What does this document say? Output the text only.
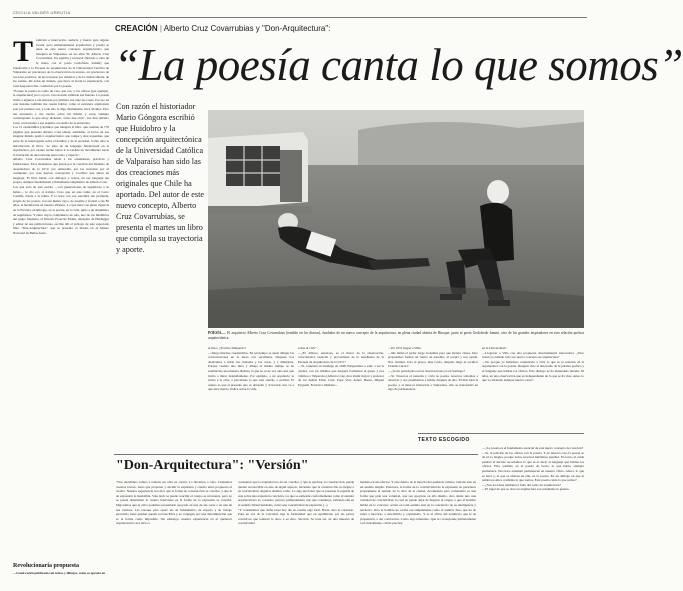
CECILIA VALDÉS URRUTIA
CREACIÓN | Alberto Cruz Covarrubias y "Don-Arquitectura":
“La poesía canta lo que somos”
T radición e innovación, audacia y fuerza para alguno locura, pero eminentemente arquitectura y poesía se unen en este nuevo concepto arquitectónico que inaugura en Valparaíso, en los años 50, Alberto Cruz Covarrubias. Un espíritu y un hacer (llevado a cabo de la mano con el poeta Godofredo Iommi) que transformó a la Escuela de Arquitectura de la Universidad Católica de Valparaíso en precursora de la observación en terreno, en precursora de los actos poéticos, de las travesías por América y de la ciudad abierta, de las rondas. De todas un mundo, que lleva al borde la experiencia, con total desprotección, conducido por la poesía.
"Porque la poesía es como un vaso que cae, y los oficios (por ejemplo, la arquitectura) poco a poco van sacando salidarte sus fuerzas. La poesía invita a algunos a encontrarse por primera vez ante las cosas. Por eso en este instante también me cuesta hablar, como si estuviera explicando esto por primera vez, y todo ello lo digo diariamente, hace 50 años. Pero me encuentro y me vuelvo sobre mí mismo y estoy siempre construyendo lo que estoy diciendo, como una obra", nos dice Alberto Cruz, conversante a ese espíritu, en asedio de la entrevista.
Los 15 cuadernillos (capítulos que integran el libro, que cuentan de 770 páginas que presenta Alberto Cruz situan, asimismo, al lector en ese singular mundo poético arquitectónico que rompe y abre esquemas, que parte de la interrogante sobre el hombre y de la novedad. Como dice la introducción al libro: "se trata de un lenguaje fundacional en la arquitectura, por cuanto recién busca ir lo estable un movimiento hacia la invención de una relación entre texto y espacio".
Alberto Cruz Covarrubias relata a los enseñanzas, prácticas y fundaciones. Esos momentos que pasan por la creación del Instituto de Arquitectura de la UCV, por Amereida, por las travesías por el continente, por esas nuevas concepción y vocablos que abren un lenguaje. El libro habla, con diálogos y textos, en ese lenguaje tan propio, siempre fundamental y firmemente enigmático de Alberto Cruz.
Los que todo en este escrito —con generaciones de seguidores a su haber— le dio eco al trabajo. Creo que en este taller, en el Cerro Castillo, frente a la bahía. Y lo hace con esa sencillez tan profunda, propia de los poetas, con ese humor suyo, de enorme y frontal a sus 85 años, la modelación de nuestro alfabeto. Lo que tiene con plena vigencia en la Escuela, en Ritoque, en la poesía, en la vida, junto a un sinnúmero de seguidores. Y entre cuyos compañeros de ruta, uno de los miembros del grupo fundador, el filósofo Francois Fédier, discípulo de Heidegger y editor de sus publicaciones, escribe allí el prólogo de este espectado libro "Don-Arquitectura", que se presentó el martes en el Museo Nacional de Bellas Artes.
Revolucionaria propuesta
—Usted recién publicado con textos y dibujos, como se aprecia en
Con razón el historiador Mario Góngora escribió que Huidobro y la concepción arquitectónica de la Universidad Católica de Valparaíso han sido las dos creaciones más originales que Chile ha aportado. Del autor de este nuevo concepto, Alberto Cruz Covarrubias, se presenta el martes un libro que compila su trayectoria y aporte.
POESÍA.— El arquitecto Alberto Cruz Covarrubias (tendido en los diarios), fundador de un nuevo concepto de la arquitectura, en plena ciudad abierta de Ritoque, junto al poeta Godofredo Iommi, otro de los grandes inspiradores en esta relación poética arquitectónica.
el libro. ¿Escribe dibujando?
—Tengo muchos cuadernillos. En un tiempo se suele dibujar las conversaciones en la mesa con servilletas. Después nos dedicamos a mirar las ciudades y las casas, y a dibujarlas. Porque cuando uno mira y dibuja al mismo tiempo se ha establecido una manera distinta, la que no es de ver, sino una que invita a mirar detenidamente. Por ejemplo, a un arquitecto le invita a la obra, a percebirse lo que está viendo, a escribir. El asunto es que al presente uno es devuelto y al hacerlo uno ve a que está viendo. Indica sobre la vida,
sobre el vivir".
—¿El diluvio, entonces, es el motor de la observación, característica esencial y proveniente de la enseñanza de la Escuela de Arquitectura de la UCV?
—Sí, comenzó en Santiago en 1948. Empezamos a salir, a ver la ciudad, con los mismos que después formamos el grupo y nos vinimos a Valparaíso (Alberto Cruz, dice aludir mayor y profesor de los demás Fabio Cruz, Pepe Vial, Arturo Baeza, Miguel Eyquem, Francisco Méndez...
—En 1951 llegan a Viña.
—Me llamó el padre Jorge González para que hiciera clases. Pero propusimos formar un centro de estudios, el aceptó y nos ayudó. Nos vinimos todo el grupo, más Godo, después llegó el escultor Claudio Girola".
—¿Godo participaba en las observaciones ya en Santiago?
—Sí. Nosotros el pensaba y vivía su poesía, nosotros solíamos a observar y nos juntábamos a hablar después de ello. El más bien la poesía, y al tiene la invitación a Valparaíso, ello se transformó en algo de permanencia
en la Universidad".
—Llegaron a Viña con una propuesta absolutamente innovadora. ¿Pero traían ya armado todo ese nuevo concepto de arquitectura?
—No porque ya habíamos comenzado a vivir lo que es la relación de la arquitectura con la poesía. Después vino el desarrollo de la palabra poética y el lenguaje que hablan los oficios. Este diálogo se ha mantenido durante 50 años, en una observación que es independiente de lo que se ha visto antes, lo que va abriendo siempre nuevos casos".
TEXTO ESCOGIDO
—¿La poesía es el fundamento esencial de este nuevo concepto de creación?
—Sí, la relación de los oficios con la poesía. Y en nuestro caso la poesía se da en la lengua, porque todos nosotros hablamos español. En torno al caída palabra al decirse recordamos lo que es el decir, el lenguaje que hablan los oficios. Ello, además, en la poesía de Godo, lo que habla, siempre permanece. Nos hace entender permanecen en nuestro oficio. Ahora, lo que se hace y, el que se aferran en ella, en la poesía. En un diálogo en que la palabra poética confirma lo que somos. Esta poesía canta lo que somos".
—¿Son los ideas también el fruto del curso de arquitectura?
—El lugar de que se obra en arquitectura son solamente la genera-
"Don-Arquitectura": "Versión"
"Nos decidimos vamos a realizar un obra en cartón. Lo llevamos a cabo. Llamamos cuentos breves, tanto que proponer y decidir la expresión y cuadro tanto propuesto el cuadro. Nuestra experiencia nos dice que la forma de construcción se concibe, y que la de expresión la inesistible. Vale decir se puede concibir el cuerpo es un interés, pero no se puede determinar lo cuanto interviene en la forma de la expresión es concibe. Mejoramos que el cubo podemos presentarlo apoyado en una de sus caras o en una de sus vértices. Las razones para optar: las de fundamento, de espacio y de trabajo ejecutarlo tiene pueden quedar reconocibles y se conjugan por una determinación que se la forma como imposible. Sin embargo, nuestra experiencia en el quehacer arquitectónico nos lleva a
considerar que la expresión no da ser concibe, y que le ejecutor, la construcción, puede quedar reconocible en este de algún aspecto, haciendo que la construcción no llegue a su concisividad. Algunos detalles como. Lo algo una labor que se presente la espalda de esta sobre una expresión concisiva. La que se entiende conformamente como el atender arquitectónico es, a nuestro parecer, primeramente, uno que constituye, tomando ella en el sentido Wanal unidades, como una concisividad de expresión (...)
"Y constatamos que dicha tarea hoy día no resulta algo fácil. Basta, sino la contrario. Pues en vez de la concisión rige la formalidad que en equilibrado por las partes concisivas que realizan la obra, a su sitio. Sección. Se trata así, de una muestra de concisividad
mediata en sus efectos. Y este dentro de la marcha del quehacer urbano, tomado este en un sentido amplio. Entonces, la forma de la concisividad de la expresión no pertenece propiamente al sentido de la obra de la ciudad. Acometería para comentaría es una forma que pide una voluntad, que sea apoyarse en ella mismo, sino desde uno una voluntad de concisividad, la cual no puede dejar de llegarse al origen, a que el hombre habita en lo concreto: actuar en total sentido está en la conciencia de su inteligencia y territorio. Pero el hombre no recibe tan simplemente como el animal. Sino que ha de saber a buscarlo, a descubrirlo y organizarlo. Y es el oficio del arquitecto que le da propensión, a dar concreción. Como algo inherente. Que le corresponde primeramente a él; únicamente, cabría precisar
